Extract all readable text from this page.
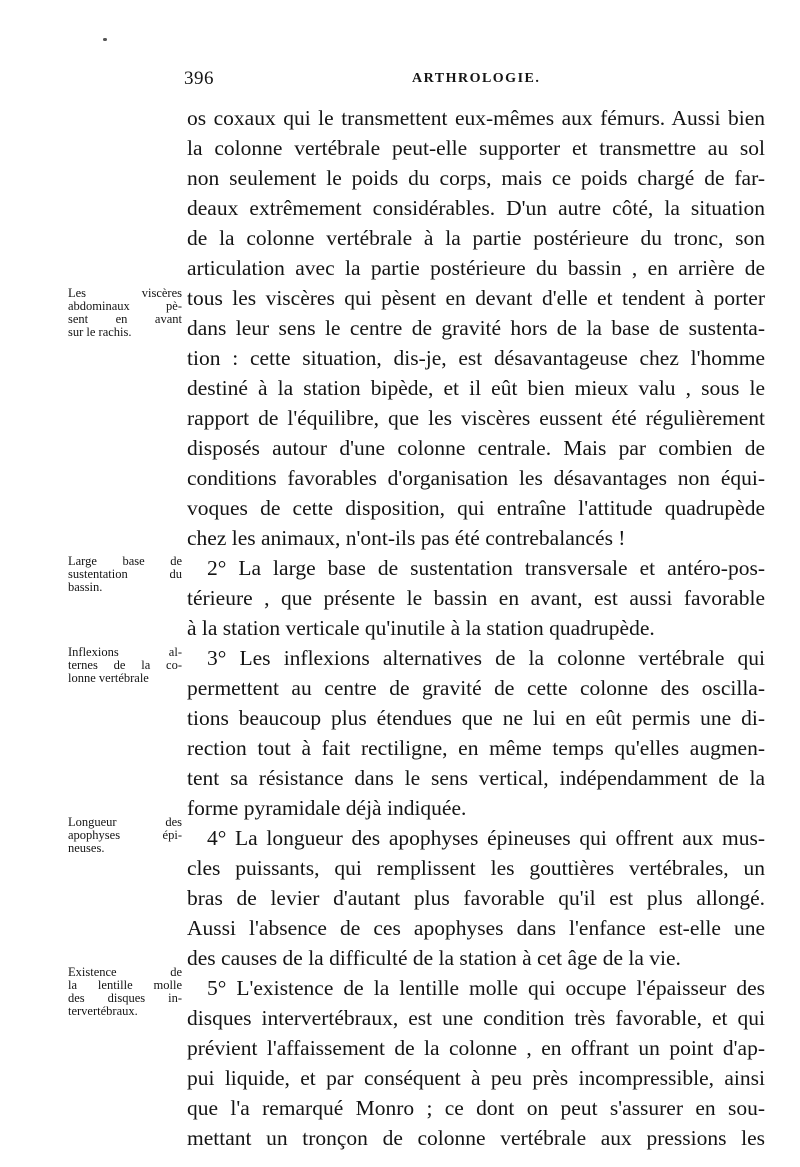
396	ARTHROLOGIE.
os coxaux qui le transmettent eux-mêmes aux fémurs. Aussi bien
la colonne vertébrale peut-elle supporter et transmettre au sol
non seulement le poids du corps, mais ce poids chargé de far-
deaux extrêmement considérables. D'un autre côté, la situation
de la colonne vertébrale à la partie postérieure du tronc, son
articulation avec la partie postérieure du bassin , en arrière de
tous les viscères qui pèsent en devant d'elle et tendent à porter
dans leur sens le centre de gravité hors de la base de sustenta-
tion : cette situation, dis-je, est désavantageuse chez l'homme
destiné à la station bipède, et il eût bien mieux valu , sous le
rapport de l'équilibre, que les viscères eussent été régulièrement
disposés autour d'une colonne centrale. Mais par combien de
conditions favorables d'organisation les désavantages non équi-
voques de cette disposition, qui entraîne l'attitude quadrupède
chez les animaux, n'ont-ils pas été contrebalancés !
2° La large base de sustentation transversale et antéro-pos-
térieure , que présente le bassin en avant, est aussi favorable
à la station verticale qu'inutile à la station quadrupède.
3° Les inflexions alternatives de la colonne vertébrale qui
permettent au centre de gravité de cette colonne des oscilla-
tions beaucoup plus étendues que ne lui en eût permis une di-
rection tout à fait rectiligne, en même temps qu'elles augmen-
tent sa résistance dans le sens vertical, indépendamment de la
forme pyramidale déjà indiquée.
4° La longueur des apophyses épineuses qui offrent aux mus-
cles puissants, qui remplissent les gouttières vertébrales, un
bras de levier d'autant plus favorable qu'il est plus allongé.
Aussi l'absence de ces apophyses dans l'enfance est-elle une
des causes de la difficulté de la station à cet âge de la vie.
5° L'existence de la lentille molle qui occupe l'épaisseur des
disques intervertébraux, est une condition très favorable, et qui
prévient l'affaissement de la colonne , en offrant un point d'ap-
pui liquide, et par conséquent à peu près incompressible, ainsi
que l'a remarqué Monro ; ce dont on peut s'assurer en sou-
mettant un tronçon de colonne vertébrale aux pressions les
Les viscères
abdominaux pè-
sent en avant
sur le rachis.
Large base de
sustentation du
bassin.
Inflexions al-
ternes de la co-
lonne vertébrale
Longueur des
apophyses épi-
neuses.
Existence de
la lentille molle
des disques in-
tervertébraux.
